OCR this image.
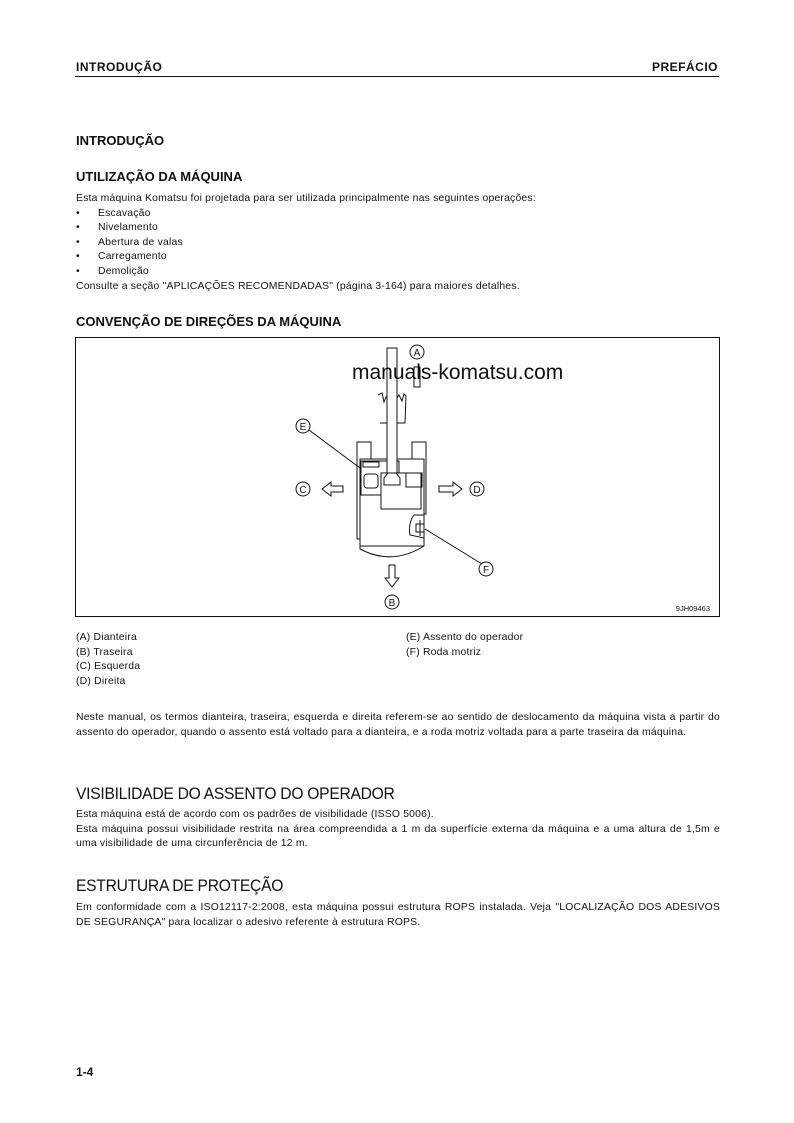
INTRODUÇÃO	PREFÁCIO
INTRODUÇÃO
UTILIZAÇÃO DA MÁQUINA
Esta máquina Komatsu foi projetada para ser utilizada principalmente nas seguintes operações:
•	Escavação
•	Nivelamento
•	Abertura de valas
•	Carregamento
•	Demolição
Consulte a seção "APLICAÇÕES RECOMENDADAS" (página 3-164) para maiores detalhes.
CONVENÇÃO DE DIREÇÕES DA MÁQUINA
A
B
C	D
E
F
9JH09463
manuals-komatsu.com
(A) Dianteira
(B) Traseira
(C) Esquerda
(D) Direita
(E) Assento do operador
(F) Roda motriz
Neste manual, os termos dianteira, traseira, esquerda e direita referem-se ao sentido de deslocamento da máquina vista a partir do assento do operador, quando o assento está voltado para a dianteira, e a roda motriz voltada para a parte traseira da máquina.
VISIBILIDADE DO ASSENTO DO OPERADOR
Esta máquina está de acordo com os padrões de visibilidade (ISSO 5006).
Esta máquina possui visibilidade restrita na área compreendida a 1 m da superfície externa da máquina e a uma altura de 1,5m e uma visibilidade de uma circunferência de 12 m.
ESTRUTURA DE PROTEÇÃO
Em conformidade com a ISO12117-2:2008, esta máquina possui estrutura ROPS instalada. Veja "LOCALIZAÇÃO DOS ADESIVOS DE SEGURANÇA" para localizar o adesivo referente à estrutura ROPS.
1-4
